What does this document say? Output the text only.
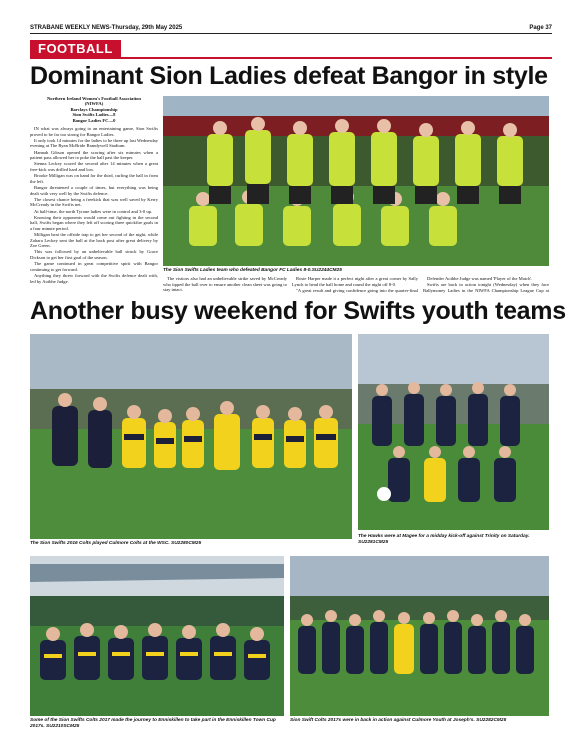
STRABANE WEEKLY NEWS-Thursday, 29th May 2025	Page 37
FOOTBALL
Dominant Sion Ladies defeat Bangor in style
Northern Ireland Women's Football Association
(NIWFA)
Barclays Championship
Sion Swifts Ladies....8
Bangor Ladies FC....0

IN what was always going to an entertaining game, Sion Swifts proved to be far too strong for Bangor Ladies.

It only took 14 minutes for the ladies to be three up last Wednesday evening at The Ryan McBride Brandywell Stadium.

Hannah Gibson opened the scoring after six minutes when a patient pass allowed her to poke the ball past the keeper.

Sienna Leckey scored the second after 14 minutes when a great free-kick was drilled hard and low.

Brooke Milligan was on hand for the third, curling the ball in from the left.

Bangor threatened a couple of times, but everything was being dealt with very well by the Swifts defence.

The closest chance being a freekick that was well saved by Kerry McCready in the Swifts net.

At half-time, the north Tyrone ladies were in control and 3-0 up.

Knowing their opponents would come out fighting in the second half, Swifts began where they left off scoring three quickfire goals in a four minute period.

Milligan beat the offside trap to get her second of the night, while Zahara Leckey sent the ball at the back post after great delivery by Zoe Green.

This was followed by an unbelievable ball struck by Grace Dickson to get her first goal of the season.

The game continued in great competitive spirit with Bangor continuing to get forward.

Anything they threw forward with the Swifts defence dealt with, led by Aoibhe Judge.

The Sion Swifts Ladies team who defeated Bangor FC Ladies 8-0.SU2244CM25

The visitors also had an unbelievable strike saved by McCready who tipped the ball over to ensure another clean sheet was going to stay intact.

Rosie Harper made it a perfect night after a great corner by Sally Lynch to head the ball home and round the night off 8-0.

"A great result and giving confidence going into the quarter-final

Defender Aoibhe Judge was named 'Player of the Match'.

Swifts are back in action tonight (Wednesday) when they face Ballymoney Ladies in the NIWFA Championship League Cup at

Another busy weekend for Swifts youth teams
The Sion Swifts 2016 Colts played Culmore Colts at the WSC. SU2280CM25
The Hawks were at Magee for a midday kick-off against Trinity on Saturday. SU2281CM25
Some of the Sion Swifts Colts 2017 made the journey to Enniskillen to take part in the Enniskillen Town Cup 2017s. SU2210SCM25
Sion Swift Colts 2017s were in back in action against Culmore Youth at Joseph's. SU2282CM25
